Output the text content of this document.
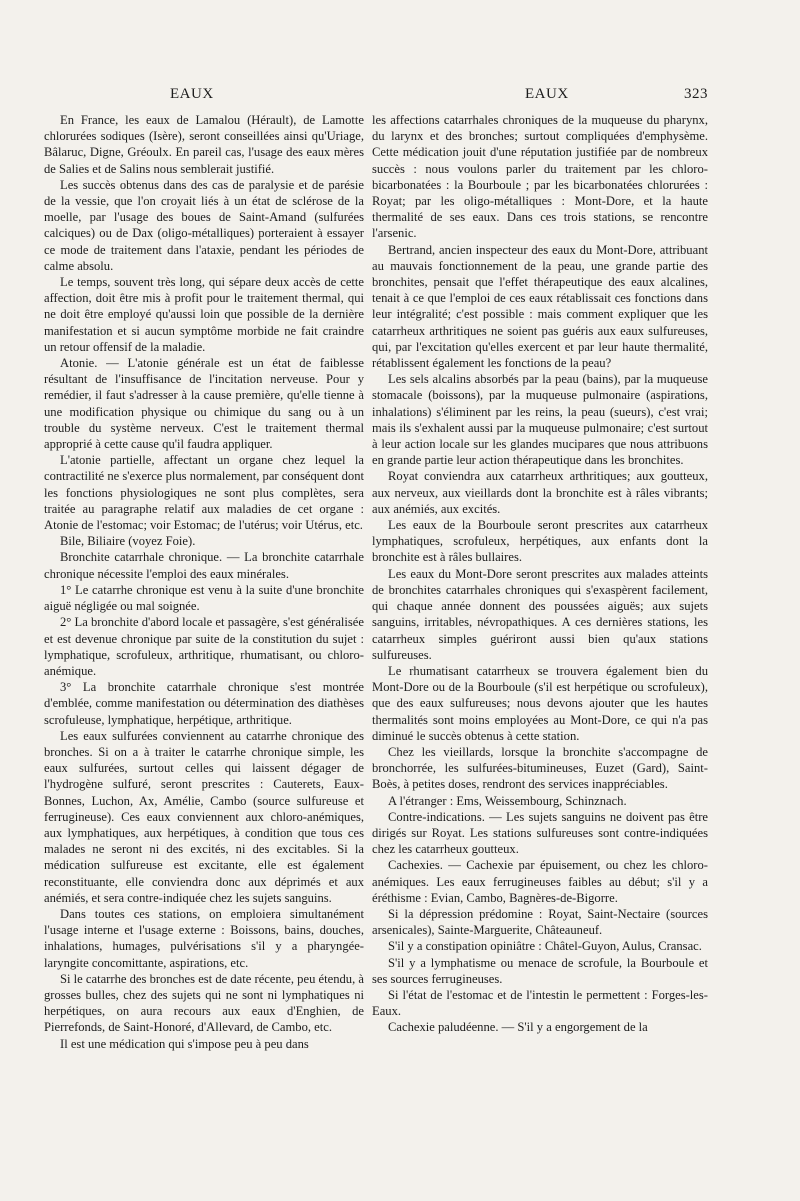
EAUX	EAUX	323

En France, les eaux de Lamalou (Hérault), de Lamotte chlorurées sodiques (Isère), seront conseillées ainsi qu'Uriage, Bâlaruc, Digne, Gréoulx. En pareil cas, l'usage des eaux mères de Salies et de Salins nous semblerait justifié.

Les succès obtenus dans des cas de paralysie et de parésie de la vessie, que l'on croyait liés à un état de sclérose de la moelle, par l'usage des boues de Saint-Amand (sulfurées calciques) ou de Dax (oligo-métalliques) porteraient à essayer ce mode de traitement dans l'ataxie, pendant les périodes de calme absolu.

Le temps, souvent très long, qui sépare deux accès de cette affection, doit être mis à profit pour le traitement thermal, qui ne doit être employé qu'aussi loin que possible de la dernière manifestation et si aucun symptôme morbide ne fait craindre un retour offensif de la maladie.

Atonie. — L'atonie générale est un état de faiblesse résultant de l'insuffisance de l'incitation nerveuse. Pour y remédier, il faut s'adresser à la cause première, qu'elle tienne à une modification physique ou chimique du sang ou à un trouble du système nerveux. C'est le traitement thermal approprié à cette cause qu'il faudra appliquer.

L'atonie partielle, affectant un organe chez lequel la contractilité ne s'exerce plus normalement, par conséquent dont les fonctions physiologiques ne sont plus complètes, sera traitée au paragraphe relatif aux maladies de cet organe : Atonie de l'estomac; voir Estomac; de l'utérus; voir Utérus, etc.

Bile, Biliaire (voyez Foie).

Bronchite catarrhale chronique. — La bronchite catarrhale chronique nécessite l'emploi des eaux minérales.

1° Le catarrhe chronique est venu à la suite d'une bronchite aiguë négligée ou mal soignée.

2° La bronchite d'abord locale et passagère, s'est généralisée et est devenue chronique par suite de la constitution du sujet : lymphatique, scrofuleux, arthritique, rhumatisant, ou chloro-anémique.

3° La bronchite catarrhale chronique s'est montrée d'emblée, comme manifestation ou détermination des diathèses scrofuleuse, lymphatique, herpétique, arthritique.

Les eaux sulfurées conviennent au catarrhe chronique des bronches. Si on a à traiter le catarrhe chronique simple, les eaux sulfurées, surtout celles qui laissent dégager de l'hydrogène sulfuré, seront prescrites : Cauterets, Eaux-Bonnes, Luchon, Ax, Amélie, Cambo (source sulfureuse et ferrugineuse). Ces eaux conviennent aux chloro-anémiques, aux lymphatiques, aux herpétiques, à condition que tous ces malades ne seront ni des excités, ni des excitables. Si la médication sulfureuse est excitante, elle est également reconstituante, elle conviendra donc aux déprimés et aux anémiés, et sera contre-indiquée chez les sujets sanguins.

Dans toutes ces stations, on emploiera simultanément l'usage interne et l'usage externe : Boissons, bains, douches, inhalations, humages, pulvérisations s'il y a pharyngée-laryngite concomittante, aspirations, etc.

Si le catarrhe des bronches est de date récente, peu étendu, à grosses bulles, chez des sujets qui ne sont ni lymphatiques ni herpétiques, on aura recours aux eaux d'Enghien, de Pierrefonds, de Saint-Honoré, d'Allevard, de Cambo, etc.

Il est une médication qui s'impose peu à peu dans

les affections catarrhales chroniques de la muqueuse du pharynx, du larynx et des bronches; surtout compliquées d'emphysème. Cette médication jouit d'une réputation justifiée par de nombreux succès : nous voulons parler du traitement par les chloro-bicarbonatées : la Bourboule ; par les bicarbonatées chlorurées : Royat; par les oligo-métalliques : Mont-Dore, et la haute thermalité de ses eaux. Dans ces trois stations, se rencontre l'arsenic.

Bertrand, ancien inspecteur des eaux du Mont-Dore, attribuant au mauvais fonctionnement de la peau, une grande partie des bronchites, pensait que l'effet thérapeutique des eaux alcalines, tenait à ce que l'emploi de ces eaux rétablissait ces fonctions dans leur intégralité; c'est possible : mais comment expliquer que les catarrheux arthritiques ne soient pas guéris aux eaux sulfureuses, qui, par l'excitation qu'elles exercent et par leur haute thermalité, rétablissent également les fonctions de la peau?

Les sels alcalins absorbés par la peau (bains), par la muqueuse stomacale (boissons), par la muqueuse pulmonaire (aspirations, inhalations) s'éliminent par les reins, la peau (sueurs), c'est vrai; mais ils s'exhalent aussi par la muqueuse pulmonaire; c'est surtout à leur action locale sur les glandes mucipares que nous attribuons en grande partie leur action thérapeutique dans les bronchites.

Royat conviendra aux catarrheux arthritiques; aux goutteux, aux nerveux, aux vieillards dont la bronchite est à râles vibrants; aux anémiés, aux excités.

Les eaux de la Bourboule seront prescrites aux catarrheux lymphatiques, scrofuleux, herpétiques, aux enfants dont la bronchite est à râles bullaires.

Les eaux du Mont-Dore seront prescrites aux malades atteints de bronchites catarrhales chroniques qui s'exaspèrent facilement, qui chaque année donnent des poussées aiguës; aux sujets sanguins, irritables, névropathiques. A ces dernières stations, les catarrheux simples guériront aussi bien qu'aux stations sulfureuses.

Le rhumatisant catarrheux se trouvera également bien du Mont-Dore ou de la Bourboule (s'il est herpétique ou scrofuleux), que des eaux sulfureuses; nous devons ajouter que les hautes thermalités sont moins employées au Mont-Dore, ce qui n'a pas diminué le succès obtenus à cette station.

Chez les vieillards, lorsque la bronchite s'accompagne de bronchorrée, les sulfurées-bitumineuses, Euzet (Gard), Saint-Boès, à petites doses, rendront des services inappréciables.

A l'étranger : Ems, Weissembourg, Schinznach.

Contre-indications. — Les sujets sanguins ne doivent pas être dirigés sur Royat. Les stations sulfureuses sont contre-indiquées chez les catarrheux goutteux.

Cachexies. — Cachexie par épuisement, ou chez les chloro-anémiques. Les eaux ferrugineuses faibles au début; s'il y a éréthisme : Evian, Cambo, Bagnères-de-Bigorre.

Si la dépression prédomine : Royat, Saint-Nectaire (sources arsenicales), Sainte-Marguerite, Châteauneuf.

S'il y a constipation opiniâtre : Châtel-Guyon, Aulus, Cransac.

S'il y a lymphatisme ou menace de scrofule, la Bourboule et ses sources ferrugineuses.

Si l'état de l'estomac et de l'intestin le permettent : Forges-les-Eaux.

Cachexie paludéenne. — S'il y a engorgement de la
